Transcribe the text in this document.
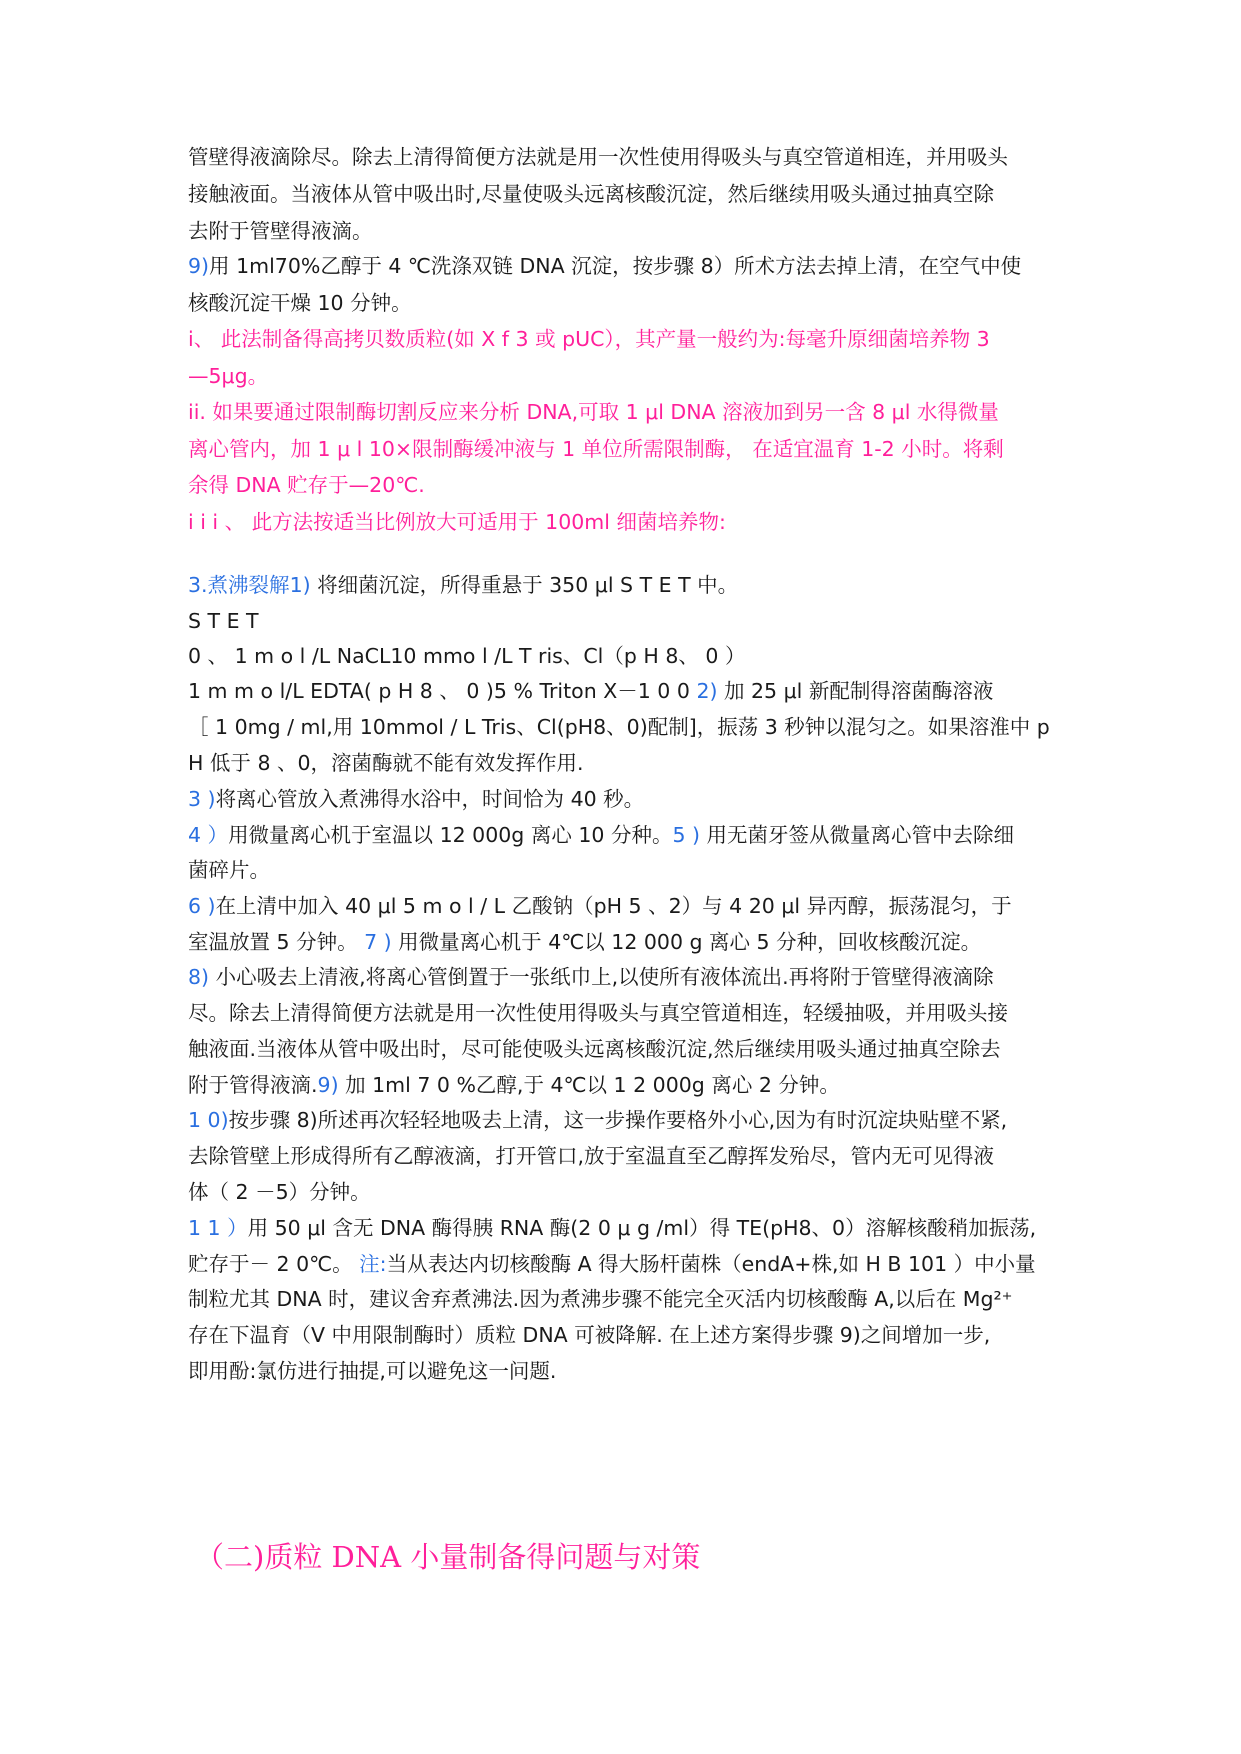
管壁得液滴除尽。除去上清得简便方法就是用一次性使用得吸头与真空管道相连，并用吸头
接触液面。当液体从管中吸出时,尽量使吸头远离核酸沉淀，然后继续用吸头通过抽真空除
去附于管壁得液滴。
9)用 1ml70%乙醇于 4 ℃洗涤双链 DNA 沉淀，按步骤 8）所术方法去掉上清，在空气中使
核酸沉淀干燥 10 分钟。
i、 此法制备得高拷贝数质粒(如 X f 3 或 pUC），其产量一般约为:每毫升原细菌培养物 3
—5μg。
ii. 如果要通过限制酶切割反应来分析 DNA,可取 1 μl DNA 溶液加到另一含 8 μl 水得微量
离心管内，加 1 μ l 10×限制酶缓冲液与 1 单位所需限制酶， 在适宜温育 1-2 小时。将剩
余得 DNA 贮存于—20℃.
i i i 、 此方法按适当比例放大可适用于 100ml 细菌培养物:
3.煮沸裂解1) 将细菌沉淀，所得重悬于 350 μl S T E T 中。
S T E T
0 、 1 m o l /L NaCL10 mmo l /L T ris、Cl（p H 8、 0 ）
1 m m o l/L EDTA( p H 8 、 0 )5 % Triton X－1 0 0 2) 加 25 μl 新配制得溶菌酶溶液
［ 1 0mg / ml,用 10mmol / L Tris、Cl(pH8、0)配制]，振荡 3 秒钟以混匀之。如果溶淮中 p
H 低于 8 、0，溶菌酶就不能有效发挥作用.
3 )将离心管放入煮沸得水浴中，时间恰为 40 秒。
4 ）用微量离心机于室温以 12 000g 离心 10 分种。5 ) 用无菌牙签从微量离心管中去除细
菌碎片。
6 )在上清中加入 40 μl 5 m o l / L 乙酸钠（pH 5 、2）与 4 20 μl 异丙醇，振荡混匀，于
室温放置 5 分钟。 7 ) 用微量离心机于 4℃以 12 000 g 离心 5 分种，回收核酸沉淀。
8) 小心吸去上清液,将离心管倒置于一张纸巾上,以使所有液体流出.再将附于管壁得液滴除
尽。除去上清得简便方法就是用一次性使用得吸头与真空管道相连，轻缓抽吸，并用吸头接
触液面.当液体从管中吸出时，尽可能使吸头远离核酸沉淀,然后继续用吸头通过抽真空除去
附于管得液滴.9) 加 1ml 7 0 %乙醇,于 4℃以 1 2 000g 离心 2 分钟。
1 0)按步骤 8)所述再次轻轻地吸去上清，这一步操作要格外小心,因为有时沉淀块贴壁不紧,
去除管壁上形成得所有乙醇液滴，打开管口,放于室温直至乙醇挥发殆尽，管内无可见得液
体（ 2 －5）分钟。
1 1 ）用 50 μl 含无 DNA 酶得胰 RNA 酶(2 0 μ g /ml）得 TE(pH8、0）溶解核酸稍加振荡,
贮存于－ 2 0℃。 注:当从表达内切核酸酶 A 得大肠杆菌株（endA+株,如 H B 101 ）中小量
制粒尤其 DNA 时，建议舍弃煮沸法.因为煮沸步骤不能完全灭活内切核酸酶 A,以后在 Mg²⁺
存在下温育（V 中用限制酶时）质粒 DNA 可被降解. 在上述方案得步骤 9)之间增加一步,
即用酚:氯仿进行抽提,可以避免这一问题.
（二)质粒 DNA 小量制备得问题与对策
